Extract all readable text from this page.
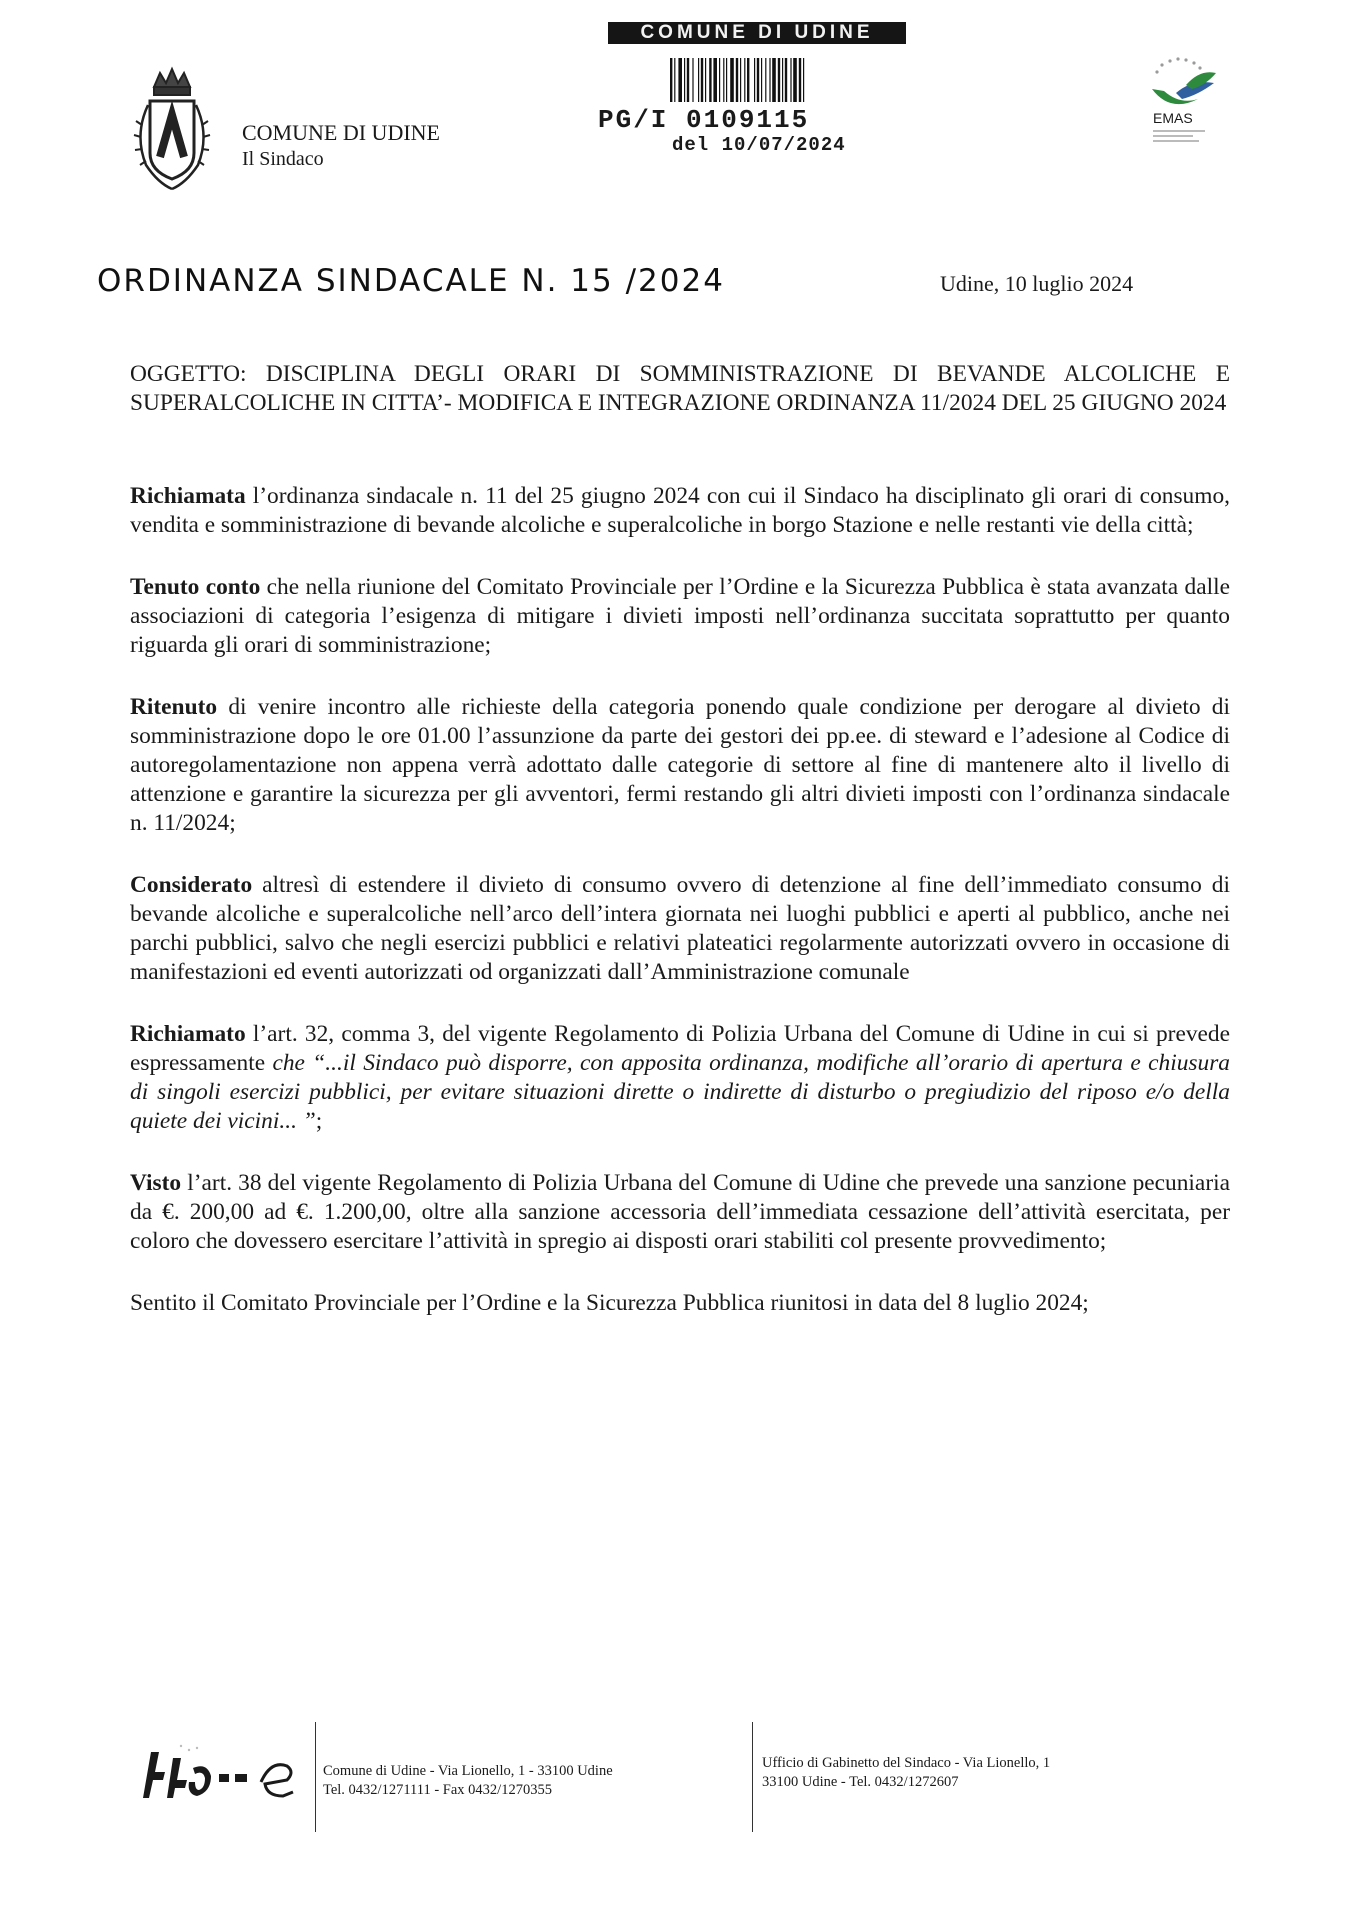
COMUNE DI UDINE
Il Sindaco
COMUNE DI UDINE
PG/I 0109115
del 10/07/2024
EMAS
ORDINANZA SINDACALE N. 15 /2024	Udine, 10 luglio 2024

OGGETTO: DISCIPLINA DEGLI ORARI DI SOMMINISTRAZIONE DI BEVANDE ALCOLICHE E SUPERALCOLICHE IN CITTA’- MODIFICA E INTEGRAZIONE ORDINANZA 11/2024 DEL 25 GIUGNO 2024

Richiamata l’ordinanza sindacale n. 11 del 25 giugno 2024 con cui il Sindaco ha disciplinato gli orari di consumo, vendita e somministrazione di bevande alcoliche e superalcoliche in borgo Stazione e nelle restanti vie della città;

Tenuto conto che nella riunione del Comitato Provinciale per l’Ordine e la Sicurezza Pubblica è stata avanzata dalle associazioni di categoria l’esigenza di mitigare i divieti imposti nell’ordinanza succitata soprattutto per quanto riguarda gli orari di somministrazione;

Ritenuto di venire incontro alle richieste della categoria ponendo quale condizione per derogare al divieto di somministrazione dopo le ore 01.00 l’assunzione da parte dei gestori dei pp.ee. di steward e l’adesione al Codice di autoregolamentazione non appena verrà adottato dalle categorie di settore al fine di mantenere alto il livello di attenzione e garantire la sicurezza per gli avventori, fermi restando gli altri divieti imposti con l’ordinanza sindacale n. 11/2024;

Considerato altresì di estendere il divieto di consumo ovvero di detenzione al fine dell’immediato consumo di bevande alcoliche e superalcoliche nell’arco dell’intera giornata nei luoghi pubblici e aperti al pubblico, anche nei parchi pubblici, salvo che negli esercizi pubblici e relativi plateatici regolarmente autorizzati ovvero in occasione di manifestazioni ed eventi autorizzati od organizzati dall’Amministrazione comunale

Richiamato l’art. 32, comma 3, del vigente Regolamento di Polizia Urbana del Comune di Udine in cui si prevede espressamente che “...il Sindaco può disporre, con apposita ordinanza, modifiche all’orario di apertura e chiusura di singoli esercizi pubblici, per evitare situazioni dirette o indirette di disturbo o pregiudizio del riposo e/o della quiete dei vicini... ”;

Visto l’art. 38 del vigente Regolamento di Polizia Urbana del Comune di Udine che prevede una sanzione pecuniaria da €. 200,00 ad €. 1.200,00, oltre alla sanzione accessoria dell’immediata cessazione dell’attività esercitata, per coloro che dovessero esercitare l’attività in spregio ai disposti orari stabiliti col presente provvedimento;

Sentito il Comitato Provinciale per l’Ordine e la Sicurezza Pubblica riunitosi in data del 8 luglio 2024;

Comune di Udine - Via Lionello, 1 - 33100 Udine
Tel. 0432/1271111 - Fax 0432/1270355
Ufficio di Gabinetto del Sindaco - Via Lionello, 1
33100 Udine - Tel. 0432/1272607
